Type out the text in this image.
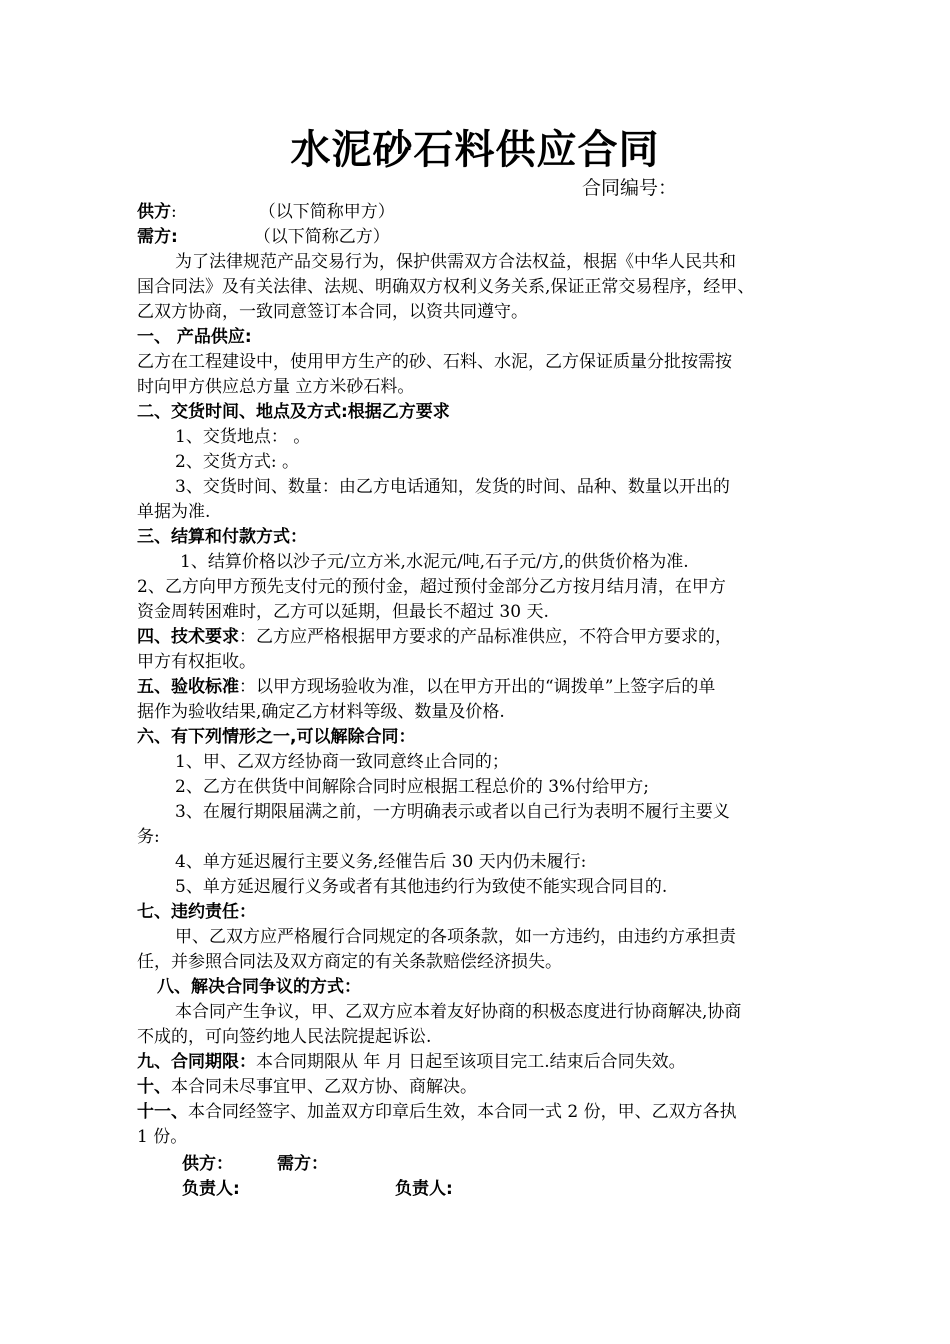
水泥砂石料供应合同
合同编号：
供方:	（以下简称甲方）
需方:	（以下简称乙方）
为了法律规范产品交易行为，保护供需双方合法权益，根据《中华人民共和
国合同法》及有关法律、法规、明确双方权利义务关系,保证正常交易程序，经甲、
乙双方协商，一致同意签订本合同，以资共同遵守。
一、 产品供应:
乙方在工程建设中，使用甲方生产的砂、石料、水泥，乙方保证质量分批按需按
时向甲方供应总方量 立方米砂石料。
二、交货时间、地点及方式:根据乙方要求
1、交货地点： 。
2、交货方式: 。
3、交货时间、数量：由乙方电话通知，发货的时间、品种、数量以开出的
单据为准.
三、结算和付款方式：
1、结算价格以沙子元/立方米,水泥元/吨,石子元/方,的供货价格为准.
2、乙方向甲方预先支付元的预付金，超过预付金部分乙方按月结月清，在甲方
资金周转困难时，乙方可以延期，但最长不超过 30 天.
四、技术要求：乙方应严格根据甲方要求的产品标准供应，不符合甲方要求的，
甲方有权拒收。
五、验收标准：以甲方现场验收为准，以在甲方开出的“调拨单”上签字后的单
据作为验收结果,确定乙方材料等级、数量及价格.
六、有下列情形之一,可以解除合同：
1、甲、乙双方经协商一致同意终止合同的；
2、乙方在供货中间解除合同时应根据工程总价的 3%付给甲方;
3、在履行期限届满之前，一方明确表示或者以自己行为表明不履行主要义
务:
4、单方延迟履行主要义务,经催告后 30 天内仍未履行:
5、单方延迟履行义务或者有其他违约行为致使不能实现合同目的.
七、违约责任：
甲、乙双方应严格履行合同规定的各项条款，如一方违约，由违约方承担责
任，并参照合同法及双方商定的有关条款赔偿经济损失。
八、解决合同争议的方式：
本合同产生争议，甲、乙双方应本着友好协商的积极态度进行协商解决,协商
不成的，可向签约地人民法院提起诉讼.
九、合同期限：本合同期限从 年 月 日起至该项目完工.结束后合同失效。
十、本合同未尽事宜甲、乙双方协、商解决。
十一、本合同经签字、加盖双方印章后生效，本合同一式 2 份，甲、乙双方各执
1 份。
供方：	需方：
负责人:	负责人:
